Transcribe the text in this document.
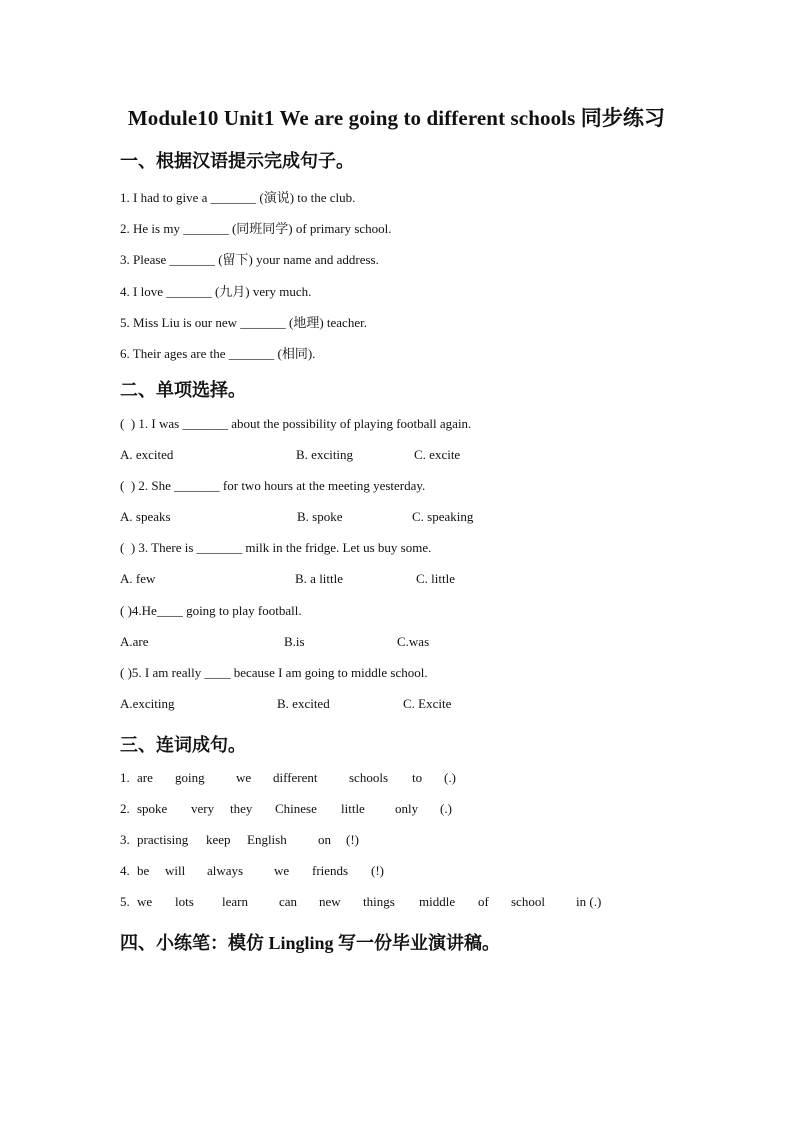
Module10 Unit1 We are going to different schools 同步练习
一、根据汉语提示完成句子。
1. I had to give a _______ (演说) to the club.
2. He is my _______ (同班同学) of primary school.
3. Please _______ (留下) your name and address.
4. I love _______ (九月) very much.
5. Miss Liu is our new _______ (地理) teacher.
6. Their ages are the _______ (相同).
二、单项选择。
(  ) 1. I was _______ about the possibility of playing football again.
A. excited	B. exciting	C. excite
(  ) 2. She _______ for two hours at the meeting yesterday.
A. speaks	B. spoke	C. speaking
(  ) 3. There is _______ milk in the fridge. Let us buy some.
A. few	B. a little	C. little
( )4.He____ going to play football.
A.are	B.is	C.was
( )5. I am really ____ because I am going to middle school.
A.exciting	B. excited	C. Excite
三、连词成句。
1. are going we different schools to (.)
2. spoke very they Chinese little only (.)
3. practising keep English on (!)
4. be will always we friends (!)
5. we lots learn can new things middle of school in (.)
四、小练笔：模仿 Lingling 写一份毕业演讲稿。
